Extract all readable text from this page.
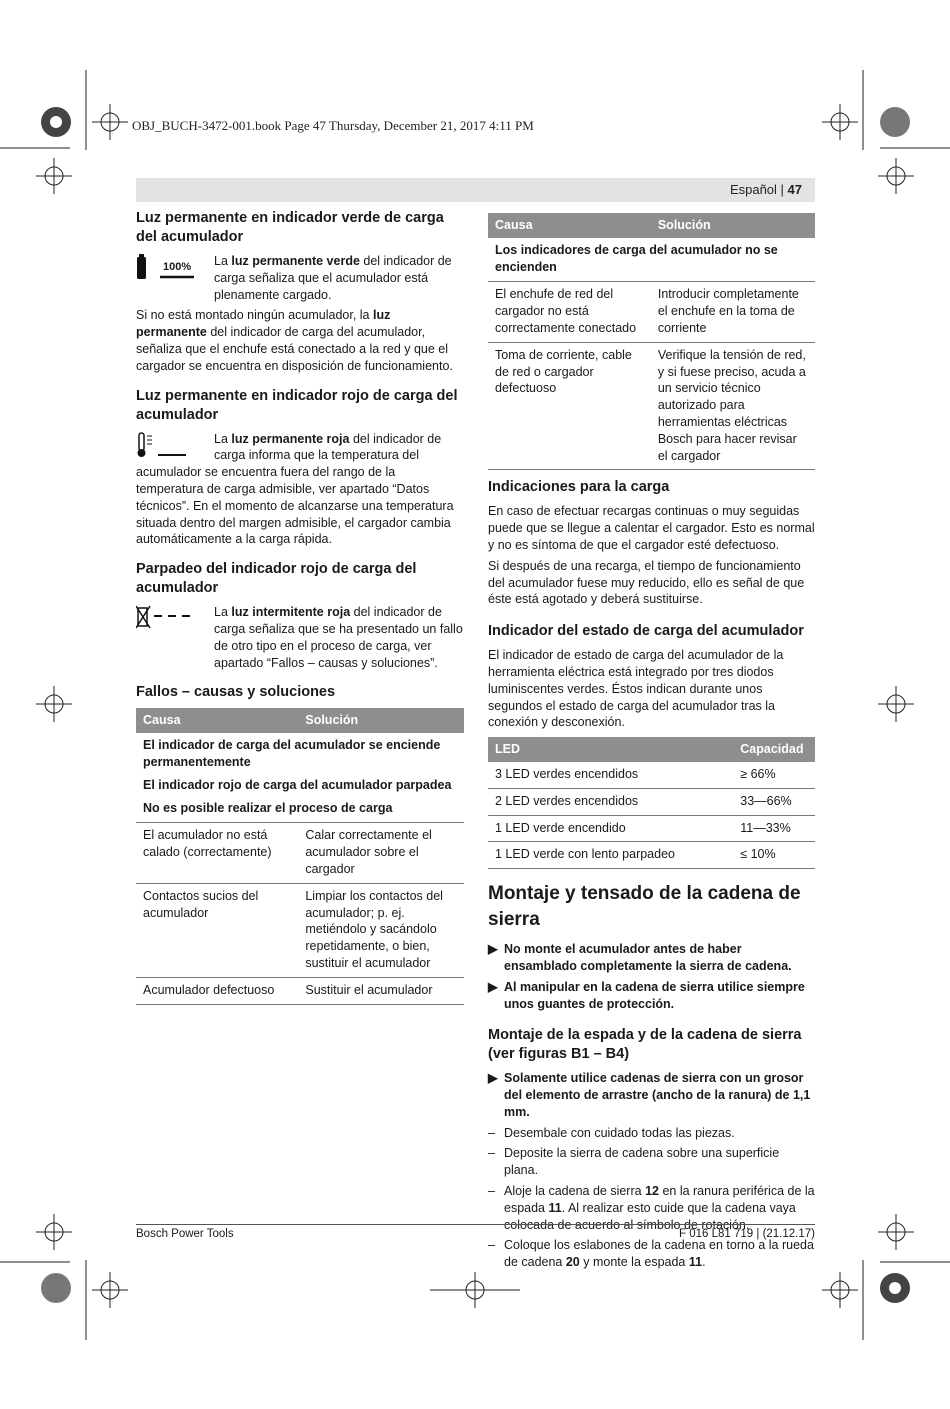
OBJ_BUCH-3472-001.book Page 47 Thursday, December 21, 2017 4:11 PM
Español | 47
Luz permanente en indicador verde de carga del acumulador
100% La luz permanente verde del indicador de carga señaliza que el acumulador está plenamente cargado.

Si no está montado ningún acumulador, la luz permanente del indicador de carga del acumulador, señaliza que el enchufe está conectado a la red y que el cargador se encuentra en disposición de funcionamiento.

Luz permanente en indicador rojo de carga del acumulador
La luz permanente roja del indicador de carga informa que la temperatura del acumulador se encuentra fuera del rango de la temperatura de carga admisible, ver apartado “Datos técnicos”. En el momento de alcanzarse una temperatura situada dentro del margen admisible, el cargador cambia automáticamente a la carga rápida.
Parpadeo del indicador rojo de carga del acumulador
La luz intermitente roja del indicador de carga señaliza que se ha presentado un fallo de otro tipo en el proceso de carga, ver apartado “Fallos – causas y soluciones”.
Fallos – causas y soluciones
Causa	Solución
El indicador de carga del acumulador se enciende permanentemente	
El indicador rojo de carga del acumulador parpadea	
No es posible realizar el proceso de carga	
El acumulador no está calado (correctamente)	Calar correctamente el acumulador sobre el cargador
Contactos sucios del acumulador	Limpiar los contactos del acumulador; p. ej. metiéndolo y sacándolo repetidamente, o bien, sustituir el acumulador
Acumulador defectuoso	Sustituir el acumulador
Causa	Solución
Los indicadores de carga del acumulador no se encienden	
El enchufe de red del cargador no está correctamente conectado	Introducir completamente el enchufe en la toma de corriente
Toma de corriente, cable de red o cargador defectuoso	Verifique la tensión de red, y si fuese preciso, acuda a un servicio técnico autorizado para herramientas eléctricas Bosch para hacer revisar el cargador
Indicaciones para la carga

En caso de efectuar recargas continuas o muy seguidas puede que se llegue a calentar el cargador. Esto es normal y no es síntoma de que el cargador esté defectuoso.

Si después de una recarga, el tiempo de funcionamiento del acumulador fuese muy reducido, ello es señal de que éste está agotado y deberá sustituirse.

Indicador del estado de carga del acumulador

El indicador de estado de carga del acumulador de la herramienta eléctrica está integrado por tres diodos luminiscentes verdes. Éstos indican durante unos segundos el estado de carga del acumulador tras la conexión y desconexión.

LED	Capacidad
3 LED verdes encendidos	≥ 66%
2 LED verdes encendidos	33—66%
1 LED verde encendido	11—33%
1 LED verde con lento parpadeo	≤ 10%
Montaje y tensado de la cadena de sierra
▶ No monte el acumulador antes de haber ensamblado completamente la sierra de cadena.
▶ Al manipular en la cadena de sierra utilice siempre unos guantes de protección.
Montaje de la espada y de la cadena de sierra (ver figuras B1 – B4)
▶ Solamente utilice cadenas de sierra con un grosor del elemento de arrastre (ancho de la ranura) de 1,1 mm.
– Desembale con cuidado todas las piezas.
– Deposite la sierra de cadena sobre una superficie plana.
– Aloje la cadena de sierra 12 en la ranura periférica de la espada 11. Al realizar esto cuide que la cadena vaya colocada de acuerdo al símbolo de rotación.
– Coloque los eslabones de la cadena en torno a la rueda de cadena 20 y monte la espada 11.
Bosch Power Tools	F 016 L81 719 | (21.12.17)
